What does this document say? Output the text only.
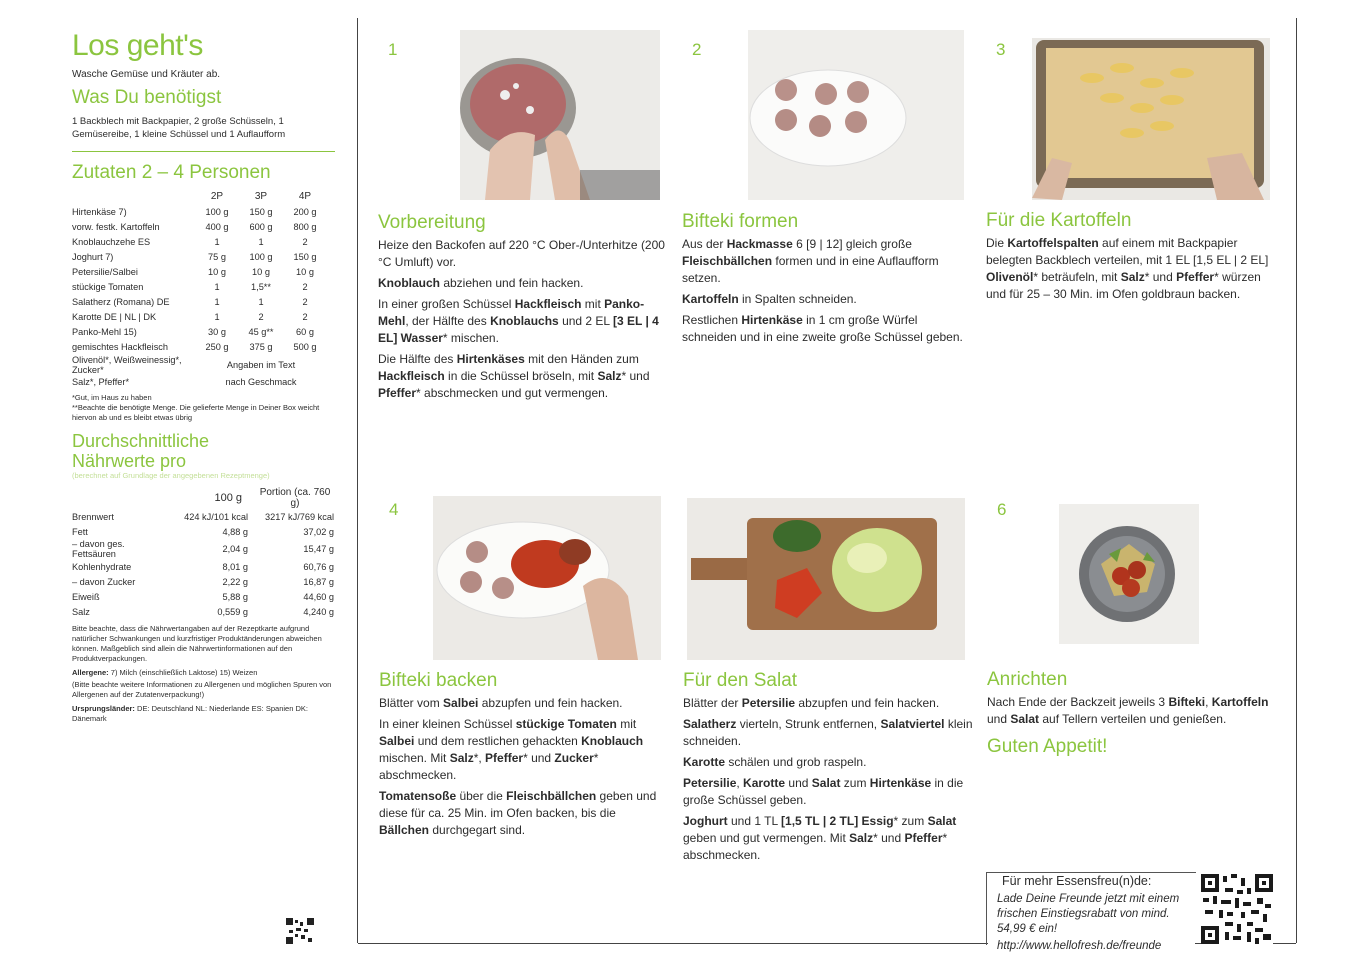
Los geht's
Wasche Gemüse und Kräuter ab.
Was Du benötigst
1 Backblech mit Backpapier, 2 große Schüsseln, 1 Gemüsereibe, 1 kleine Schüssel und 1 Auflaufform
Zutaten 2 – 4 Personen
	2P	3P	4P
Hirtenkäse 7)	100 g	150 g	200 g
vorw. festk. Kartoffeln	400 g	600 g	800 g
Knoblauchzehe ES	1	1	2
Joghurt 7)	75 g	100 g	150 g
Petersilie/Salbei	10 g	10 g	10 g
stückige Tomaten	1	1,5**	2
Salatherz (Romana) DE	1	1	2
Karotte DE | NL | DK	1	2	2
Panko-Mehl 15)	30 g	45 g**	60 g
gemischtes Hackfleisch	250 g	375 g	500 g
Olivenöl*, Weißweinessig*, Zucker*	Angaben im Text		
Salz*, Pfeffer*	nach Geschmack		
*Gut, im Haus zu haben
**Beachte die benötigte Menge. Die gelieferte Menge in Deiner Box weicht hiervon ab und es bleibt etwas übrig
Durchschnittliche Nährwerte pro
(berechnet auf Grundlage der angegebenen Rezeptmenge)
	100 g	Portion (ca. 760 g)
Brennwert	424 kJ/101 kcal	3217 kJ/769 kcal
Fett	4,88 g	37,02 g
– davon ges. Fettsäuren	2,04 g	15,47 g
Kohlenhydrate	8,01 g	60,76 g
– davon Zucker	2,22 g	16,87 g
Eiweiß	5,88 g	44,60 g
Salz	0,559 g	4,240 g
Bitte beachte, dass die Nährwertangaben auf der Rezeptkarte aufgrund natürlicher Schwankungen und kurzfristiger Produktänderungen abweichen können. Maßgeblich sind allein die Nährwertinformationen auf den Produktverpackungen.
Allergene: 7) Milch (einschließlich Laktose) 15) Weizen
(Bitte beachte weitere Informationen zu Allergenen und möglichen Spuren von Allergenen auf der Zutatenverpackung!)
Ursprungsländer: DE: Deutschland NL: Niederlande ES: Spanien DK: Dänemark
1
Vorbereitung

Heize den Backofen auf 220 °C Ober-/Unterhitze (200 °C Umluft) vor.

Knoblauch abziehen und fein hacken.

In einer großen Schüssel Hackfleisch mit Panko-Mehl, der Hälfte des Knoblauchs und 2 EL [3 EL | 4 EL] Wasser* mischen.

Die Hälfte des Hirtenkäses mit den Händen zum Hackfleisch in die Schüssel bröseln, mit Salz* und Pfeffer* abschmecken und gut vermengen.

2
Bifteki formen

Aus der Hackmasse 6 [9 | 12] gleich große Fleischbällchen formen und in eine Auflaufform setzen.

Kartoffeln in Spalten schneiden.

Restlichen Hirtenkäse in 1 cm große Würfel schneiden und in eine zweite große Schüssel geben.

3
Für die Kartoffeln

Die Kartoffelspalten auf einem mit Backpapier belegten Backblech verteilen, mit 1 EL [1,5 EL | 2 EL] Olivenöl* beträufeln, mit Salz* und Pfeffer* würzen und für 25 – 30 Min. im Ofen goldbraun backen.

4
Bifteki backen

Blätter vom Salbei abzupfen und fein hacken.

In einer kleinen Schüssel stückige Tomaten mit Salbei und dem restlichen gehackten Knoblauch mischen. Mit Salz*, Pfeffer* und Zucker* abschmecken.

Tomatensoße über die Fleischbällchen geben und diese für ca. 25 Min. im Ofen backen, bis die Bällchen durchgegart sind.

Für den Salat

Blätter der Petersilie abzupfen und fein hacken.

Salatherz vierteln, Strunk entfernen, Salatviertel klein schneiden.

Karotte schälen und grob raspeln.

Petersilie, Karotte und Salat zum Hirtenkäse in die große Schüssel geben.

Joghurt und 1 TL [1,5 TL | 2 TL] Essig* zum Salat geben und gut vermengen. Mit Salz* und Pfeffer* abschmecken.

6
Anrichten

Nach Ende der Backzeit jeweils 3 Bifteki, Kartoffeln und Salat auf Tellern verteilen und genießen.

Guten Appetit!
Für mehr Essensfreu(n)de:
Lade Deine Freunde jetzt mit einem frischen Einstiegsrabatt von mind. 54,99 € ein!
http://www.hellofresh.de/freunde
